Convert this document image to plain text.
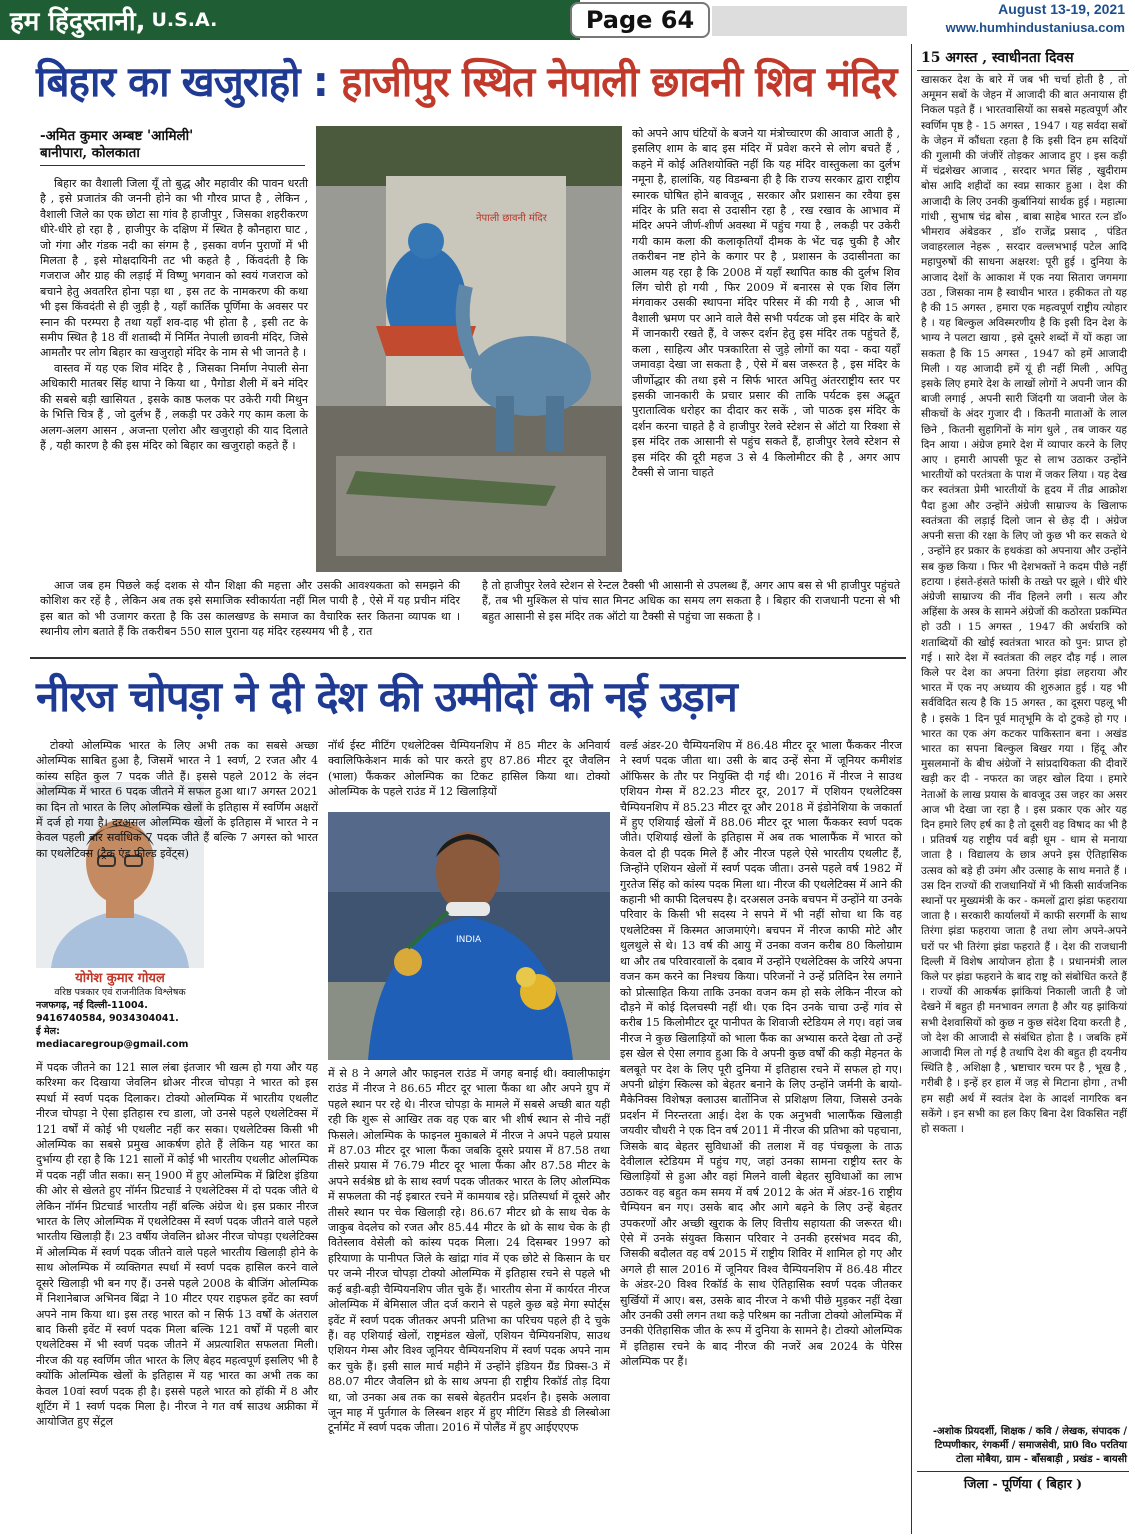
हम हिंदुस्तानी, U.S.A.	Page 64	August 13-19, 2021
www.humhindustaniusa.com
बिहार का खजुराहो : हाजीपुर स्थित नेपाली छावनी शिव मंदिर
-अमित कुमार अम्बष्ट 'आमिली'
बानीपारा, कोलकाता

बिहार का वैशाली जिला यूँ तो बुद्ध और महावीर की पावन धरती है , इसे प्रजातंत्र की जननी होने का भी गौरव प्राप्त है , लेकिन , वैशाली जिले का एक छोटा सा गांव है हाजीपुर , जिसका शहरीकरण धीरे-धीरे हो रहा है , हाजीपुर के दक्षिण में स्थित है कौनहारा घाट , जो गंगा और गंडक नदी का संगम है , इसका वर्णन पुराणों में भी मिलता है , इसे मोक्षदायिनी तट भी कहते है , किंवदंती है कि गजराज और ग्राह की लड़ाई में विष्णु भगवान को स्वयं गजराज को बचाने हेतु अवतरित होना पड़ा था , इस तट के नामकरण की कथा भी इस किंवदंती से ही जुड़ी है , यहाँ कार्तिक पूर्णिमा के अवसर पर स्नान की परम्परा है तथा यहाँ शव-दाह भी होता है , इसी तट के समीप स्थित है 18 वीं शताब्दी में निर्मित नेपाली छावनी मंदिर, जिसे आमतौर पर लोग बिहार का खजुराहो मंदिर के नाम से भी जानते है ।

वास्तव में यह एक शिव मंदिर है , जिसका निर्माण नेपाली सेना अधिकारी मातबर सिंह थापा ने किया था , पैगोडा शैली में बने मंदिर की सबसे बड़ी खासियत , इसके काष्ठ फलक पर उकेरी गयी मिथुन के भित्ति चित्र हैं , जो दुर्लभ हैं , लकड़ी पर उकेरे गए काम कला के अलग-अलग आसन , अजन्ता एलोरा और खजुराहो की याद दिलाते हैं , यही कारण है की इस मंदिर को बिहार का खजुराहो कहते हैं ।

नेपाली छावनी मंदिर

को अपने आप घंटियों के बजने या मंत्रोच्चारण की आवाज आती है , इसलिए शाम के बाद इस मंदिर में प्रवेश करने से लोग बचते हैं , कहने में कोई अतिशयोक्ति नहीं कि यह मंदिर वास्तुकला का दुर्लभ नमूना है, हालांकि, यह विडम्बना ही है कि राज्य सरकार द्वारा राष्ट्रीय स्मारक घोषित होने बावजूद , सरकार और प्रशासन का रवैया इस मंदिर के प्रति सदा से उदासीन रहा है , रख रखाव के आभाव में मंदिर अपने जीर्ण-शीर्ण अवस्था में पहुंच गया है , लकड़ी पर उकेरी गयी काम कला की कलाकृतियाँ दीमक के भेंट चढ़ चुकी है और तकरीबन नष्ट होने के कगार पर है , प्रशासन के उदासीनता का आलम यह रहा है कि 2008 में यहाँ स्थापित काष्ठ की दुर्लभ शिव लिंग चोरी हो गयी , फिर 2009 में बनारस से एक शिव लिंग मंगवाकर उसकी स्थापना मंदिर परिसर में की गयी है , आज भी वैशाली भ्रमण पर आने वाले वैसे सभी पर्यटक जो इस मंदिर के बारे में जानकारी रखते हैं, वे जरूर दर्शन हेतु इस मंदिर तक पहुंचते हैं, कला , साहित्य और पत्रकारिता से जुड़े लोगों का यदा - कदा यहाँ जमावड़ा देखा जा सकता है , ऐसे में बस जरूरत है , इस मंदिर के जीर्णोद्धार की तथा इसे न सिर्फ भारत अपितु अंतरराष्ट्रीय स्तर पर इसकी जानकारी के प्रचार प्रसार की ताकि पर्यटक इस अद्भुत पुरातात्विक धरोहर का दीदार कर सकें , जो पाठक इस मंदिर के दर्शन करना चाहते है वे हाजीपुर रेलवे स्टेशन से ऑटो या रिक्शा से इस मंदिर तक आसानी से पहुंच सकते हैं, हाजीपुर रेलवे स्टेशन से इस मंदिर की दूरी महज 3 से 4 किलोमीटर की है , अगर आप टैक्सी से जाना चाहते

आज जब हम पिछले कई दशक से यौन शिक्षा की महत्ता और उसकी आवश्यकता को समझने की कोशिश कर रहें है , लेकिन अब तक इसे समाजिक स्वीकार्यता नहीं मिल पायी है , ऐसे में यह प्रचीन मंदिर इस बात को भी उजागर करता है कि उस कालखण्ड के समाज का वैचारिक स्तर कितना व्यापक था । स्थानीय लोग बताते हैं कि तकरीबन 550 साल पुराना यह मंदिर रहस्यमय भी है , रात

है तो हाजीपुर रेलवे स्टेशन से रेन्टल टैक्सी भी आसानी से उपलब्ध हैं, अगर आप बस से भी हाजीपुर पहुंचते हैं, तब भी मुश्किल से पांच सात मिनट अधिक का समय लग सकता है । बिहार की राजधानी पटना से भी बहुत आसानी से इस मंदिर तक ऑटो या टैक्सी से पहुंचा जा सकता है ।

नीरज चोपड़ा ने दी देश की उम्मीदों को नई उड़ान
योगेश कुमार गोयल
वरिष्ठ पत्रकार एवं राजनीतिक विश्लेषक
नजफगढ़, नई दिल्ली-11004.
9416740584, 9034304041.
ई मेल: mediacaregroup@gmail.com

टोक्यो ओलम्पिक भारत के लिए अभी तक का सबसे अच्छा ओलम्पिक साबित हुआ है, जिसमें भारत ने 1 स्वर्ण, 2 रजत और 4 कांस्य सहित कुल 7 पदक जीते हैं। इससे पहले 2012 के लंदन ओलम्पिक में भारत 6 पदक जीतने में सफल हुआ था।7 अगस्त 2021 का दिन तो भारत के लिए ओलम्पिक खेलों के इतिहास में स्वर्णिम अक्षरों में दर्ज हो गया है। दरअसल ओलम्पिक खेलों के इतिहास में भारत ने न केवल पहली बार सर्वाधिक 7 पदक जीते हैं बल्कि 7 अगस्त को भारत का एथलेटिक्स (ट्रैक एंड फील्ड इवेंट्स)

में पदक जीतने का 121 साल लंबा इंतजार भी खत्म हो गया और यह करिश्मा कर दिखाया जेवलिन थ्रोअर नीरज चोपड़ा ने भारत को इस स्पर्धा में स्वर्ण पदक दिलाकर। टोक्यो ओलम्पिक में भारतीय एथलीट नीरज चोपड़ा ने ऐसा इतिहास रच डाला, जो उनसे पहले एथलेटिक्स में 121 वर्षों में कोई भी एथलीट नहीं कर सका। एथलेटिक्स किसी भी ओलम्पिक का सबसे प्रमुख आकर्षण होते हैं लेकिन यह भारत का दुर्भाग्य ही रहा है कि 121 सालों में कोई भी भारतीय एथलीट ओलम्पिक में पदक नहीं जीत सका। सन् 1900 में हुए ओलम्पिक में ब्रिटिश इंडिया की ओर से खेलते हुए नॉर्मन प्रिटचार्ड ने एथलेटिक्स में दो पदक जीते थे लेकिन नॉर्मन प्रिटचार्ड भारतीय नहीं बल्कि अंग्रेज थे। इस प्रकार नीरज भारत के लिए ओलम्पिक में एथलेटिक्स में स्वर्ण पदक जीतने वाले पहले भारतीय खिलाड़ी हैं। 23 वर्षीय जेवलिन थ्रोअर नीरज चोपड़ा एथलेटिक्स में ओलम्पिक में स्वर्ण पदक जीतने वाले पहले भारतीय खिलाड़ी होने के साथ ओलम्पिक में व्यक्तिगत स्पर्धा में स्वर्ण पदक हासिल करने वाले दूसरे खिलाड़ी भी बन गए हैं। उनसे पहले 2008 के बीजिंग ओलम्पिक में निशानेबाज अभिनव बिंद्रा ने 10 मीटर एयर राइफल इवेंट का स्वर्ण अपने नाम किया था। इस तरह भारत को न सिर्फ 13 वर्षों के अंतराल बाद किसी इवेंट में स्वर्ण पदक मिला बल्कि 121 वर्षों में पहली बार एथलेटिक्स में भी स्वर्ण पदक जीतने में अप्रत्याशित सफलता मिली। नीरज की यह स्वर्णिम जीत भारत के लिए बेहद महत्वपूर्ण इसलिए भी है क्योंकि ओलम्पिक खेलों के इतिहास में यह भारत का अभी तक का केवल 10वां स्वर्ण पदक ही है। इससे पहले भारत को हॉकी में 8 और शूटिंग में 1 स्वर्ण पदक मिला है। नीरज ने गत वर्ष साउथ अफ्रीका में आयोजित हुए सेंट्रल

नॉर्थ ईस्ट मीटिंग एथलेटिक्स चैम्पियनशिप में 85 मीटर के अनिवार्य क्वालिफिकेशन मार्क को पार करते हुए 87.86 मीटर दूर जैवलिन (भाला) फैंककर ओलम्पिक का टिकट हासिल किया था। टोक्यो ओलम्पिक के पहले राउंड में 12 खिलाड़ियों

INDIA

में से 8 ने अगले और फाइनल राउंड में जगह बनाई थी। क्वालीफाइंग राउंड में नीरज ने 86.65 मीटर दूर भाला फैंका था और अपने ग्रुप में पहले स्थान पर रहे थे। नीरज चोपड़ा के मामले में सबसे अच्छी बात यही रही कि शुरू से आखिर तक वह एक बार भी शीर्ष स्थान से नीचे नहीं फिसले। ओलम्पिक के फाइनल मुकाबले में नीरज ने अपने पहले प्रयास में 87.03 मीटर दूर भाला फैंका जबकि दूसरे प्रयास में 87.58 तथा तीसरे प्रयास में 76.79 मीटर दूर भाला फैंका और 87.58 मीटर के अपने सर्वश्रेष्ठ थ्रो के साथ स्वर्ण पदक जीतकर भारत के लिए ओलम्पिक में सफलता की नई इबारत रचने में कामयाब रहे। प्रतिस्पर्धा में दूसरे और तीसरे स्थान पर चेक खिलाड़ी रहे। 86.67 मीटर थ्रो के साथ चेक के जाकुब वेदलेच को रजत और 85.44 मीटर के थ्रो के साथ चेक के ही वितेस्लाव वेसेली को कांस्य पदक मिला। 24 दिसम्बर 1997 को हरियाणा के पानीपत जिले के खांद्रा गांव में एक छोटे से किसान के घर पर जन्मे नीरज चोपड़ा टोक्यो ओलम्पिक में इतिहास रचने से पहले भी कई बड़ी-बड़ी चैम्पियनशिप जीत चुके हैं। भारतीय सेना में कार्यरत नीरज ओलम्पिक में बेमिसाल जीत दर्ज कराने से पहले कुछ बड़े मेगा स्पोर्ट्स इवेंट में स्वर्ण पदक जीतकर अपनी प्रतिभा का परिचय पहले ही दे चुके हैं। वह एशियाई खेलों, राष्ट्रमंडल खेलों, एशियन चैम्पियनशिप, साउथ एशियन गेम्स और विश्व जूनियर चैम्पियनशिप में स्वर्ण पदक अपने नाम कर चुके हैं। इसी साल मार्च महीने में उन्होंने इंडियन ग्रैंड प्रिक्स-3 में 88.07 मीटर जैवलिन थ्रो के साथ अपना ही राष्ट्रीय रिकॉर्ड तोड़ दिया था, जो उनका अब तक का सबसे बेहतरीन प्रदर्शन है। इसके अलावा जून माह में पुर्तगाल के लिस्बन शहर में हुए मीटिंग सिडडे डी लिस्बोआ टूर्नामेंट में स्वर्ण पदक जीता। 2016 में पोलैंड में हुए आईएएएफ

वर्ल्ड अंडर-20 चैम्पियनशिप में 86.48 मीटर दूर भाला फैंककर नीरज ने स्वर्ण पदक जीता था। उसी के बाद उन्हें सेना में जूनियर कमीशंड ऑफिसर के तौर पर नियुक्ति दी गई थी। 2016 में नीरज ने साउथ एशियन गेम्स में 82.23 मीटर दूर, 2017 में एशियन एथलेटिक्स चैम्पियनशिप में 85.23 मीटर दूर और 2018 में इंडोनेशिया के जकार्ता में हुए एशियाई खेलों में 88.06 मीटर दूर भाला फैंककर स्वर्ण पदक जीते। एशियाई खेलों के इतिहास में अब तक भालाफैंक में भारत को केवल दो ही पदक मिले हैं और नीरज पहले ऐसे भारतीय एथलीट हैं, जिन्होंने एशियन खेलों में स्वर्ण पदक जीता। उनसे पहले वर्ष 1982 में गुरतेज सिंह को कांस्य पदक मिला था। नीरज की एथलेटिक्स में आने की कहानी भी काफी दिलचस्प है। दरअसल उनके बचपन में उन्होंने या उनके परिवार के किसी भी सदस्य ने सपने में भी नहीं सोचा था कि वह एथलेटिक्स में किस्मत आजमाएंगे। बचपन में नीरज काफी मोटे और थुलथुले से थे। 13 वर्ष की आयु में उनका वजन करीब 80 किलोग्राम था और तब परिवारवालों के दबाव में उन्होंने एथलेटिक्स के जरिये अपना वजन कम करने का निश्चय किया। परिजनों ने उन्हें प्रतिदिन रेस लगाने को प्रोत्साहित किया ताकि उनका वजन कम हो सके लेकिन नीरज को दौड़ने में कोई दिलचस्पी नहीं थी। एक दिन उनके चाचा उन्हें गांव से करीब 15 किलोमीटर दूर पानीपत के शिवाजी स्टेडियम ले गए। वहां जब नीरज ने कुछ खिलाड़ियों को भाला फैंक का अभ्यास करते देखा तो उन्हें इस खेल से ऐसा लगाव हुआ कि वे अपनी कुछ वर्षों की कड़ी मेहनत के बलबूते पर देश के लिए पूरी दुनिया में इतिहास रचने में सफल हो गए। अपनी थ्रोइंग स्किल्स को बेहतर बनाने के लिए उन्होंने जर्मनी के बायो-मैकेनिक्स विशेषज्ञ क्लाउस बार्तोनिज से प्रशिक्षण लिया, जिससे उनके प्रदर्शन में निरन्तरता आई। देश के एक अनुभवी भालाफैंक खिलाड़ी जयवीर चौधरी ने एक दिन वर्ष 2011 में नीरज की प्रतिभा को पहचाना, जिसके बाद बेहतर सुविधाओं की तलाश में वह पंचकूला के ताऊ देवीलाल स्टेडियम में पहुंच गए, जहां उनका सामना राष्ट्रीय स्तर के खिलाड़ियों से हुआ और वहां मिलने वाली बेहतर सुविधाओं का लाभ उठाकर वह बहुत कम समय में वर्ष 2012 के अंत में अंडर-16 राष्ट्रीय चैम्पियन बन गए। उसके बाद और आगे बढ़ने के लिए उन्हें बेहतर उपकरणों और अच्छी खुराक के लिए वित्तीय सहायता की जरूरत थी। ऐसे में उनके संयुक्त किसान परिवार ने उनकी हरसंभव मदद की, जिसकी बदौलत वह वर्ष 2015 में राष्ट्रीय शिविर में शामिल हो गए और अगले ही साल 2016 में जूनियर विश्व चैम्पियनशिप में 86.48 मीटर के अंडर-20 विश्व रिकॉर्ड के साथ ऐतिहासिक स्वर्ण पदक जीतकर सुर्खियों में आए। बस, उसके बाद नीरज ने कभी पीछे मुड़कर नहीं देखा और उनकी उसी लगन तथा कड़े परिश्रम का नतीजा टोक्यो ओलम्पिक में उनकी ऐतिहासिक जीत के रूप में दुनिया के सामने है। टोक्यो ओलम्पिक में इतिहास रचने के बाद नीरज की नजरें अब 2024 के पेरिस ओलम्पिक पर हैं।

15 अगस्त , स्वाधीनता दिवस
खासकर देश के बारे में जब भी चर्चा होती है , तो अमूमन सबों के जेहन में आजादी की बात अनायास ही निकल पड़ते हैं । भारतवासियों का सबसे महत्वपूर्ण और स्वर्णिम पृष्ठ है - 15 अगस्त , 1947 । यह सर्वदा सबों के जेहन में कौंधता रहता है कि इसी दिन हम सदियों की गुलामी की जंजीरें तोड़कर आजाद हुए । इस कड़ी में चंद्रशेखर आजाद , सरदार भगत सिंह , खुदीराम बोस आदि शहीदों का स्वप्न साकार हुआ । देश की आजादी के लिए उनकी कुर्बानियां सार्थक हुई । महात्मा गांधी , सुभाष चंद्र बोस , बाबा साहेब भारत रत्न डॉ० भीमराव अंबेडकर , डॉ० राजेंद्र प्रसाद , पंडित जवाहरलाल नेहरू , सरदार वल्लभभाई पटेल आदि महापुरुषों की साधना अक्षरश: पूरी हुई । दुनिया के आजाद देशों के आकाश में एक नया सितारा जगमगा उठा , जिसका नाम है स्वाधीन भारत । हकीकत तो यह है की 15 अगस्त , हमारा एक महत्वपूर्ण राष्ट्रीय त्योहार है । यह बिल्कुल अविस्मरणीय है कि इसी दिन देश के भाग्य ने पलटा खाया , इसे दूसरे शब्दों में यों कहा जा सकता है कि 15 अगस्त , 1947 को हमें आजादी मिली । यह आजादी हमें यूं ही नहीं मिली , अपितु इसके लिए हमारे देश के लाखों लोगों ने अपनी जान की बाजी लगाई , अपनी सारी जिंदगी या जवानी जेल के सीकचों के अंदर गुजार दी । कितनी माताओं के लाल छिने , कितनी सुहागिनों के मांग धुले , तब जाकर यह दिन आया । अंग्रेज हमारे देश में व्यापार करने के लिए आए । हमारी आपसी फूट से लाभ उठाकर उन्होंने भारतीयों को परतंत्रता के पाश में जकर लिया । यह देख कर स्वतंत्रता प्रेमी भारतीयों के हृदय में तीव्र आक्रोश पैदा हुआ और उन्होंने अंग्रेजी साम्राज्य के खिलाफ स्वतंत्रता की लड़ाई दिलो जान से छेड़ दी । अंग्रेज अपनी सत्ता की रक्षा के लिए जो कुछ भी कर सकते थे , उन्होंने हर प्रकार के हथकंडा को अपनाया और उन्होंने सब कुछ किया । फिर भी देशभक्तों ने कदम पीछे नहीं हटाया । हंसते-हंसते फांसी के तख्ते पर झूले । धीरे धीरे अंग्रेजी साम्राज्य की नींव हिलने लगी । सत्य और अहिंसा के अस्त्र के सामने अंग्रेजों की कठोरता प्रकम्पित हो उठी । 15 अगस्त , 1947 की अर्धरात्रि को शताब्दियों की खोई स्वतंत्रता भारत को पुन: प्राप्त हो गई । सारे देश में स्वतंत्रता की लहर दौड़ गई । लाल किले पर देश का अपना तिरंगा झंडा लहराया और भारत में एक नए अध्याय की शुरुआत हुई । यह भी सर्वविदित सत्य है कि 15 अगस्त , का दूसरा पहलू भी है । इसके 1 दिन पूर्व मातृभूमि के दो टुकड़े हो गए । भारत का एक अंग कटकर पाकिस्तान बना । अखंड भारत का सपना बिल्कुल बिखर गया । हिंदू और मुसलमानों के बीच अंग्रेजों ने सांप्रदायिकता की दीवारें खड़ी कर दी - नफरत का जहर खोल दिया । हमारे नेताओं के लाख प्रयास के बावजूद उस जहर का असर आज भी देखा जा रहा है । इस प्रकार एक ओर यह दिन हमारे लिए हर्ष का है तो दूसरी वह विषाद का भी है । प्रतिवर्ष यह राष्ट्रीय पर्व बड़ी धूम - धाम से मनाया जाता है । विद्यालय के छात्र अपने इस ऐतिहासिक उत्सव को बड़े ही उमंग और उत्साह के साथ मनाते हैं । उस दिन राज्यों की राजधानियों में भी किसी सार्वजनिक स्थानों पर मुख्यमंत्री के कर - कमलों द्वारा झंडा फहराया जाता है । सरकारी कार्यालयों में काफी सरगर्मी के साथ तिरंगा झंडा फहराया जाता है तथा लोग अपने-अपने घरों पर भी तिरंगा झंडा फहराते हैं । देश की राजधानी दिल्ली में विशेष आयोजन होता है । प्रधानमंत्री लाल किले पर झंडा फहराने के बाद राष्ट्र को संबोधित करते हैं । राज्यों की आकर्षक झांकियां निकाली जाती है जो देखने में बहुत ही मनभावन लगता है और यह झांकियां सभी देशवासियों को कुछ न कुछ संदेश दिया करती है , जो देश की आजादी से संबंधित होता है । जबकि हमें आजादी मिल तो गई है तथापि देश की बहुत ही दयनीय स्थिति है , अशिक्षा है , भ्रष्टाचार चरम पर है , भूख है , गरीबी है । इन्हें हर हाल में जड़ से मिटाना होगा , तभी हम सही अर्थ में स्वतंत्र देश के आदर्श नागरिक बन सकेंगे । इन सभी का हल किए बिना देश विकसित नहीं हो सकता ।
-अशोक प्रियदर्शी, शिक्षक / कवि / लेखक, संपादक / टिप्पणीकार, रंगकर्मी / समाजसेवी, प्रा0 विo परतिया टोला मोबैया, ग्राम - बाँसबाड़ी , प्रखंड - बायसी
जिला - पूर्णिया ( बिहार )
